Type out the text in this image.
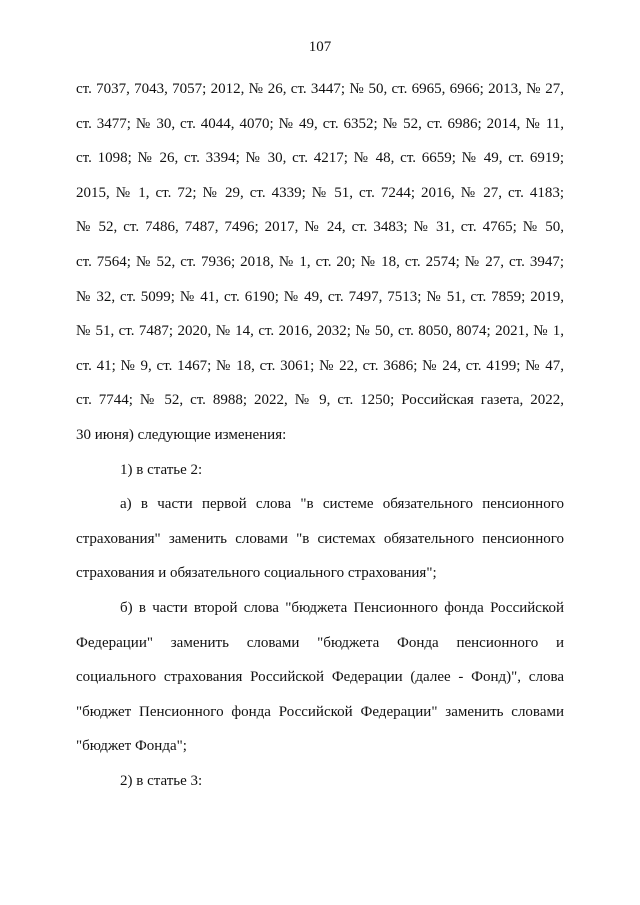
107
ст. 7037, 7043, 7057; 2012, № 26, ст. 3447; № 50, ст. 6965, 6966; 2013, № 27,
ст. 3477; № 30, ст. 4044, 4070; № 49, ст. 6352; № 52, ст. 6986; 2014, № 11,
ст. 1098; № 26, ст. 3394; № 30, ст. 4217; № 48, ст. 6659; № 49, ст. 6919;
2015, № 1, ст. 72; № 29, ст. 4339; № 51, ст. 7244; 2016, № 27, ст. 4183;
№ 52, ст. 7486, 7487, 7496; 2017, № 24, ст. 3483; № 31, ст. 4765; № 50,
ст. 7564; № 52, ст. 7936; 2018, № 1, ст. 20; № 18, ст. 2574; № 27, ст. 3947;
№ 32, ст. 5099; № 41, ст. 6190; № 49, ст. 7497, 7513; № 51, ст. 7859; 2019,
№ 51, ст. 7487; 2020, № 14, ст. 2016, 2032; № 50, ст. 8050, 8074; 2021, № 1,
ст. 41; № 9, ст. 1467; № 18, ст. 3061; № 22, ст. 3686; № 24, ст. 4199; № 47,
ст. 7744; № 52, ст. 8988; 2022, № 9, ст. 1250; Российская газета, 2022,
30 июня) следующие изменения:
1) в статье 2:
а) в части первой слова "в системе обязательного пенсионного
страхования" заменить словами "в системах обязательного пенсионного
страхования и обязательного социального страхования";
б) в части второй слова "бюджета Пенсионного фонда Российской
Федерации" заменить словами "бюджета Фонда пенсионного и
социального страхования Российской Федерации (далее - Фонд)", слова
"бюджет Пенсионного фонда Российской Федерации" заменить словами
"бюджет Фонда";
2) в статье 3:
